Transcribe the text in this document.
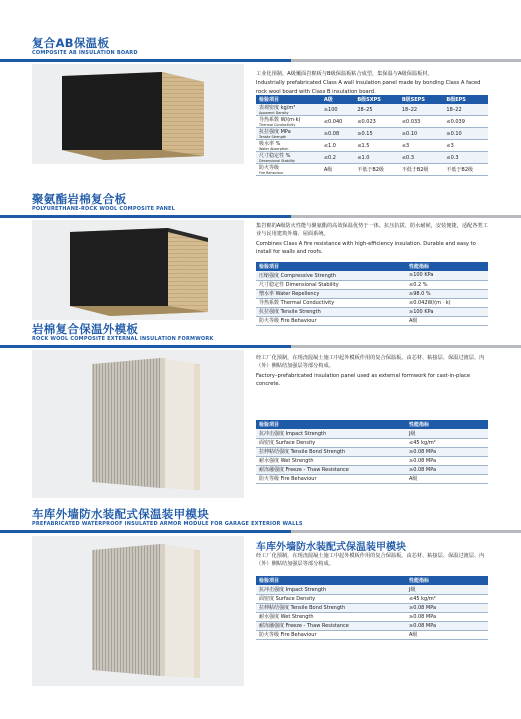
复合AB保温板
COMPOSITE AB INSULATION BOARD

工业化预制，A级覆面岩棉板与B级保温板粘合成型，集保温与A级保温板材。

Industrially prefabricated Class A wall insulation panel made by bonding Class A faced rock wool board with Class B insulation board.

检验项目	A级	B级SXPS	B级SEPS	B级EPS
表观密度 kg/m³
Apparent Density	≥100	28–25	18–22	18–22
导热系数 W/(m·k)
Thermal Conductivity	≤0.040	≤0.023	≤0.033	≤0.039
抗拉强度 MPa
Tensile Strength	≥0.08	≥0.15	≥0.10	≥0.10
吸水率 %
Water Absorption	≤1.0	≤1.5	≤3	≤3
尺寸稳定性 %
Dimensional Stability	≤0.2	≤1.0	≤0.3	≤0.3
防火等级
Fire Behaviour	A级	不低于B2级	不低于B2级	不低于B2级
聚氨酯岩棉复合板
POLYURETHANE-ROCK WOOL COMPOSITE PANEL

集岩棉的A级防火性能与聚氨酯的高效保温优势于一体。抗压抗拔、防水耐候，安装便捷，适配各类工业与民用建筑外墙、屋面系统。

Combines Class A fire resistance with high-efficiency insulation. Durable and easy to install for walls and roofs.

检验项目	性能指标
压缩强度 Compressive Strength	≥100 KPa
尺寸稳定性 Dimensional Stability	≤0.2 %
憎水率 Water Repellency	≥98.0 %
导热系数 Thermal Conductivity	≤0.042W/(m · k)
抗拉强度 Tensile Strength	≥100 KPa
防火等级 Fire Behaviour	A级
岩棉复合保温外模板
ROCK WOOL COMPOSITE EXTERNAL INSULATION FORMWORK

经工厂化预制，在现浇混凝土施工中起外模板作用的复合保温板。由芯材、粘接层、保温过渡层、内（外）侧粘结加强层等部分构成。

Factory–prefabricated insulation panel used as external formwork for cast-in-place concrete.

检验项目	性能指标
抗冲击强度 Impact Strength	J级
面密度 Surface Density	≤45 kg/m²
拉伸粘结强度 Tensile Bond Strength	≥0.08 MPa
耐水强度 Wet Strength	≥0.08 MPa
耐冻融强度 Freeze - Thaw Resistance	≥0.08 MPa
防火等级 Fire Behaviour	A级
车库外墙防水装配式保温装甲模块
PREFABRICATED WATERPROOF INSULATED ARMOR MODULE FOR GARAGE EXTERIOR WALLS
车库外墙防水装配式保温装甲模块

经工厂化预制，在现浇混凝土施工中起外模板作用的复合保温板。由芯材、粘接层、保温过渡层、内（外）侧粘结加强层等部分构成。

检验项目	性能指标
抗冲击强度 Impact Strength	J级
面密度 Surface Density	≤45 kg/m²
拉伸粘结强度 Tensile Bond Strength	≥0.08 MPa
耐水强度 Wet Strength	≥0.08 MPa
耐冻融强度 Freeze - Thaw Resistance	≥0.08 MPa
防火等级 Fire Behaviour	A级
